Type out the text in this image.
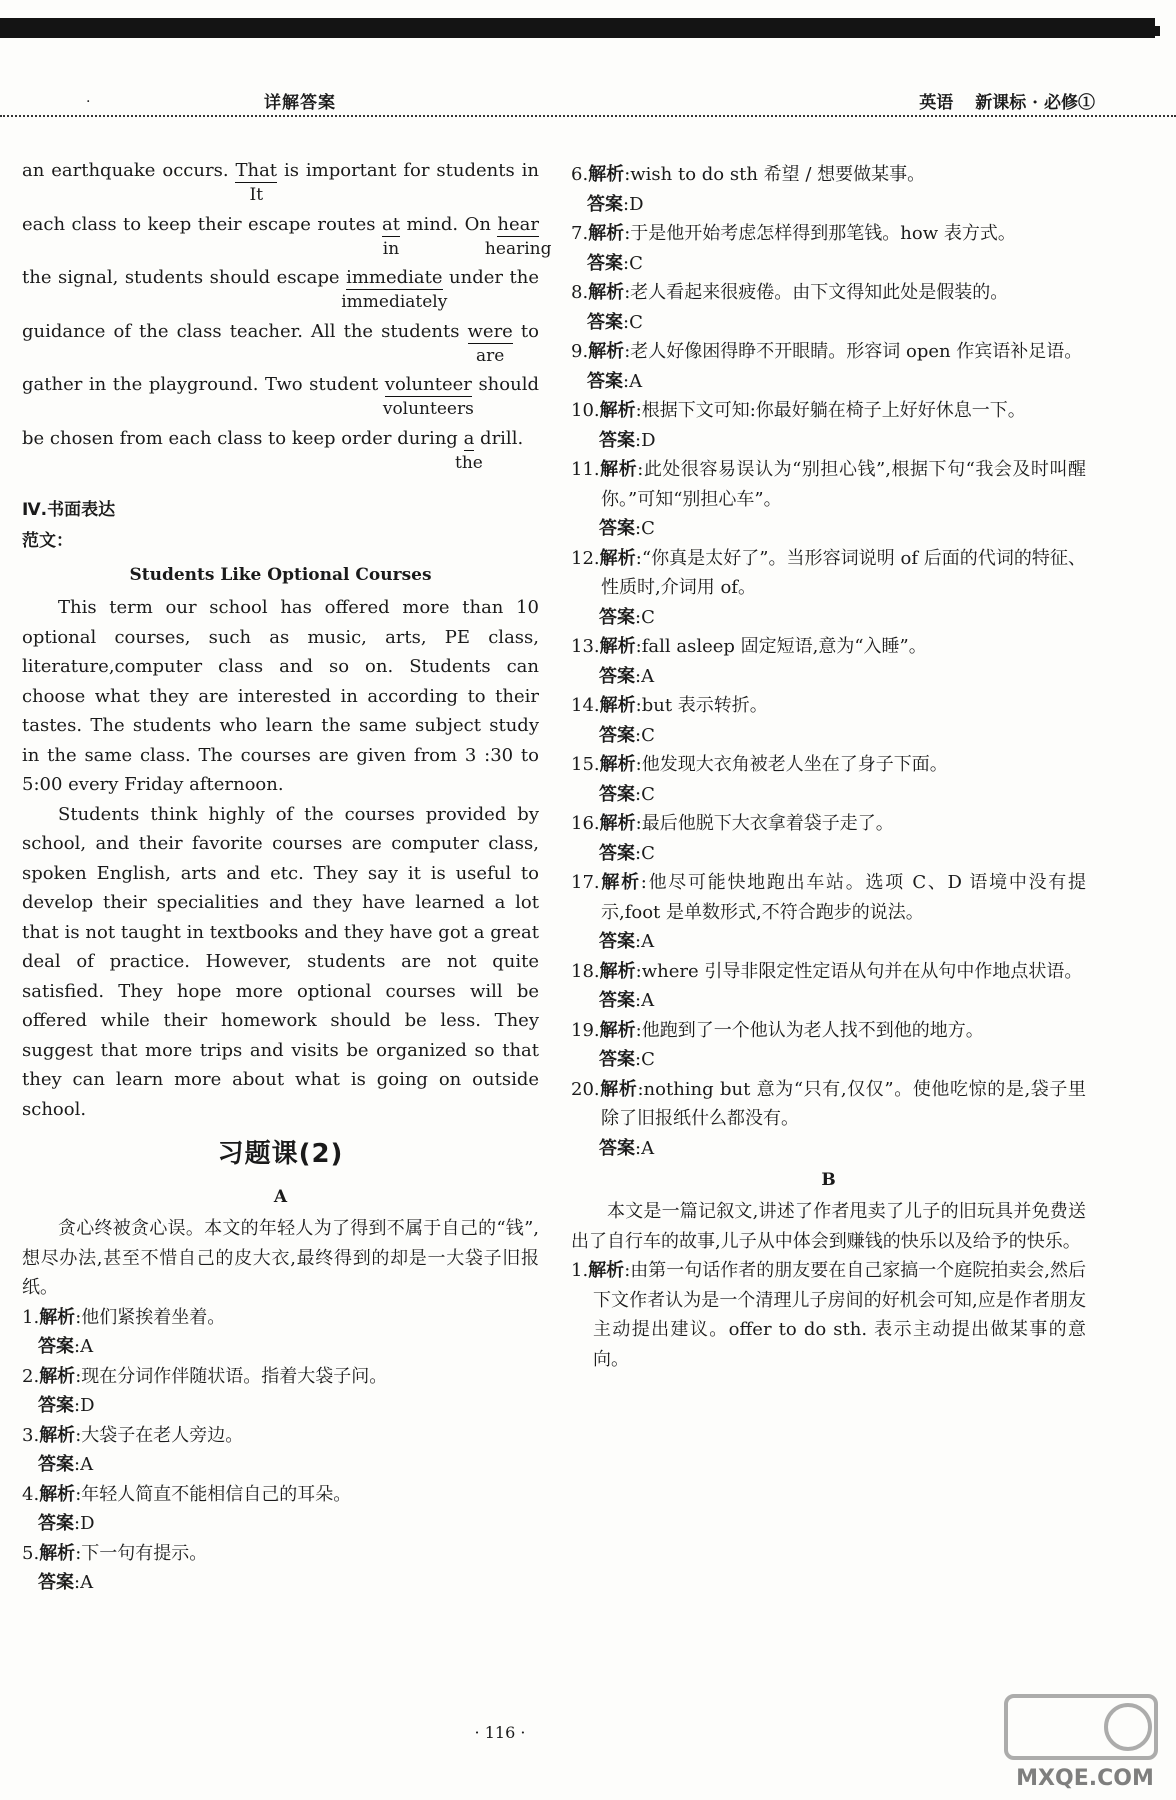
.	详解答案	英语 新课标 · 必修①
an earthquake occurs. That
It
is important for students in
each class to keep their escape routes at
in
mind. On hear
hearing
the signal, students should escape immediate
immediately
under the
guidance of the class teacher. All the students were
are
to
gather in the playground. Two student volunteer
volunteers
should
be chosen from each class to keep order during a
the
drill.

Ⅳ.书面表达

范文：

Students Like Optional Courses

This term our school has offered more than 10 optional courses, such as music, arts, PE class, literature,computer class and so on. Students can choose what they are interested in according to their tastes. The students who learn the same subject study in the same class. The courses are given from 3 :30 to 5:00 every Friday afternoon.

Students think highly of the courses provided by school, and their favorite courses are computer class, spoken English, arts and etc. They say it is useful to develop their specialities and they have learned a lot that is not taught in textbooks and they have got a great deal of practice. However, students are not quite satisfied. They hope more optional courses will be offered while their homework should be less. They suggest that more trips and visits be organized so that they can learn more about what is going on outside school.

习题课(2)

A

贪心终被贪心误。本文的年轻人为了得到不属于自己的“钱”,想尽办法,甚至不惜自己的皮大衣,最终得到的却是一大袋子旧报纸。

1.解析:他们紧挨着坐着。

答案:A

2.解析:现在分词作伴随状语。指着大袋子问。

答案:D

3.解析:大袋子在老人旁边。

答案:A

4.解析:年轻人简直不能相信自己的耳朵。

答案:D

5.解析:下一句有提示。

答案:A

6.解析:wish to do sth 希望 / 想要做某事。

答案:D

7.解析:于是他开始考虑怎样得到那笔钱。how 表方式。

答案:C

8.解析:老人看起来很疲倦。由下文得知此处是假装的。

答案:C

9.解析:老人好像困得睁不开眼睛。形容词 open 作宾语补足语。

答案:A

10.解析:根据下文可知:你最好躺在椅子上好好休息一下。

答案:D

11.解析:此处很容易误认为“别担心钱”,根据下句“我会及时叫醒你。”可知“别担心车”。

答案:C

12.解析:“你真是太好了”。当形容词说明 of 后面的代词的特征、性质时,介词用 of。

答案:C

13.解析:fall asleep 固定短语,意为“入睡”。

答案:A

14.解析:but 表示转折。

答案:C

15.解析:他发现大衣角被老人坐在了身子下面。

答案:C

16.解析:最后他脱下大衣拿着袋子走了。

答案:C

17.解析:他尽可能快地跑出车站。选项 C、D 语境中没有提示,foot 是单数形式,不符合跑步的说法。

答案:A

18.解析:where 引导非限定性定语从句并在从句中作地点状语。

答案:A

19.解析:他跑到了一个他认为老人找不到他的地方。

答案:C

20.解析:nothing but 意为“只有,仅仅”。使他吃惊的是,袋子里除了旧报纸什么都没有。

答案:A

B

本文是一篇记叙文,讲述了作者甩卖了儿子的旧玩具并免费送出了自行车的故事,儿子从中体会到赚钱的快乐以及给予的快乐。

1.解析:由第一句话作者的朋友要在自己家搞一个庭院拍卖会,然后下文作者认为是一个清理儿子房间的好机会可知,应是作者朋友主动提出建议。offer to do sth. 表示主动提出做某事的意向。

· 116 ·
MXQE.COM
